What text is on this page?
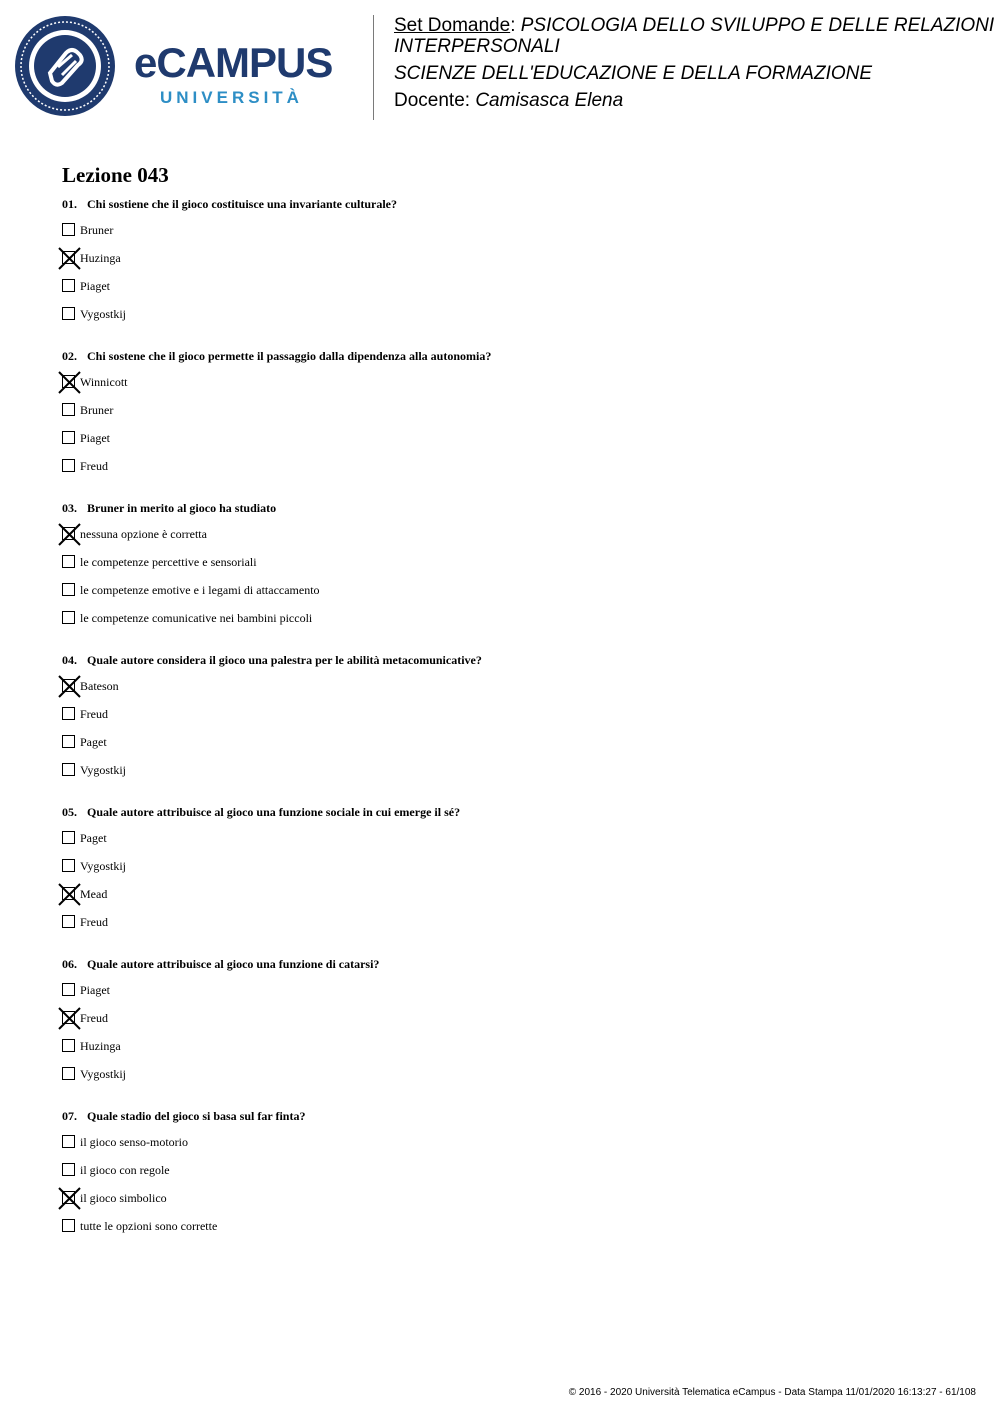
eCAMPUS
UNIVERSITÀ
Set Domande: PSICOLOGIA DELLO SVILUPPO E DELLE RELAZIONI
INTERPERSONALI
SCIENZE DELL'EDUCAZIONE E DELLA FORMAZIONE
Docente: Camisasca Elena
Lezione 043
01. Chi sostiene che il gioco costituisce una invariante culturale?
Bruner
Huzinga
Piaget
Vygostkij
02. Chi sostene che il gioco permette il passaggio dalla dipendenza alla autonomia?
Winnicott
Bruner
Piaget
Freud
03. Bruner in merito al gioco ha studiato
nessuna opzione è corretta
le competenze percettive e sensoriali
le competenze emotive e i legami di attaccamento
le competenze comunicative nei bambini piccoli
04. Quale autore considera il gioco una palestra per le abilità metacomunicative?
Bateson
Freud
Paget
Vygostkij
05. Quale autore attribuisce al gioco una funzione sociale in cui emerge il sé?
Paget
Vygostkij
Mead
Freud
06. Quale autore attribuisce al gioco una funzione di catarsi?
Piaget
Freud
Huzinga
Vygostkij
07. Quale stadio del gioco si basa sul far finta?
il gioco senso-motorio
il gioco con regole
il gioco simbolico
tutte le opzioni sono corrette
© 2016 - 2020 Università Telematica eCampus - Data Stampa 11/01/2020 16:13:27 - 61/108
